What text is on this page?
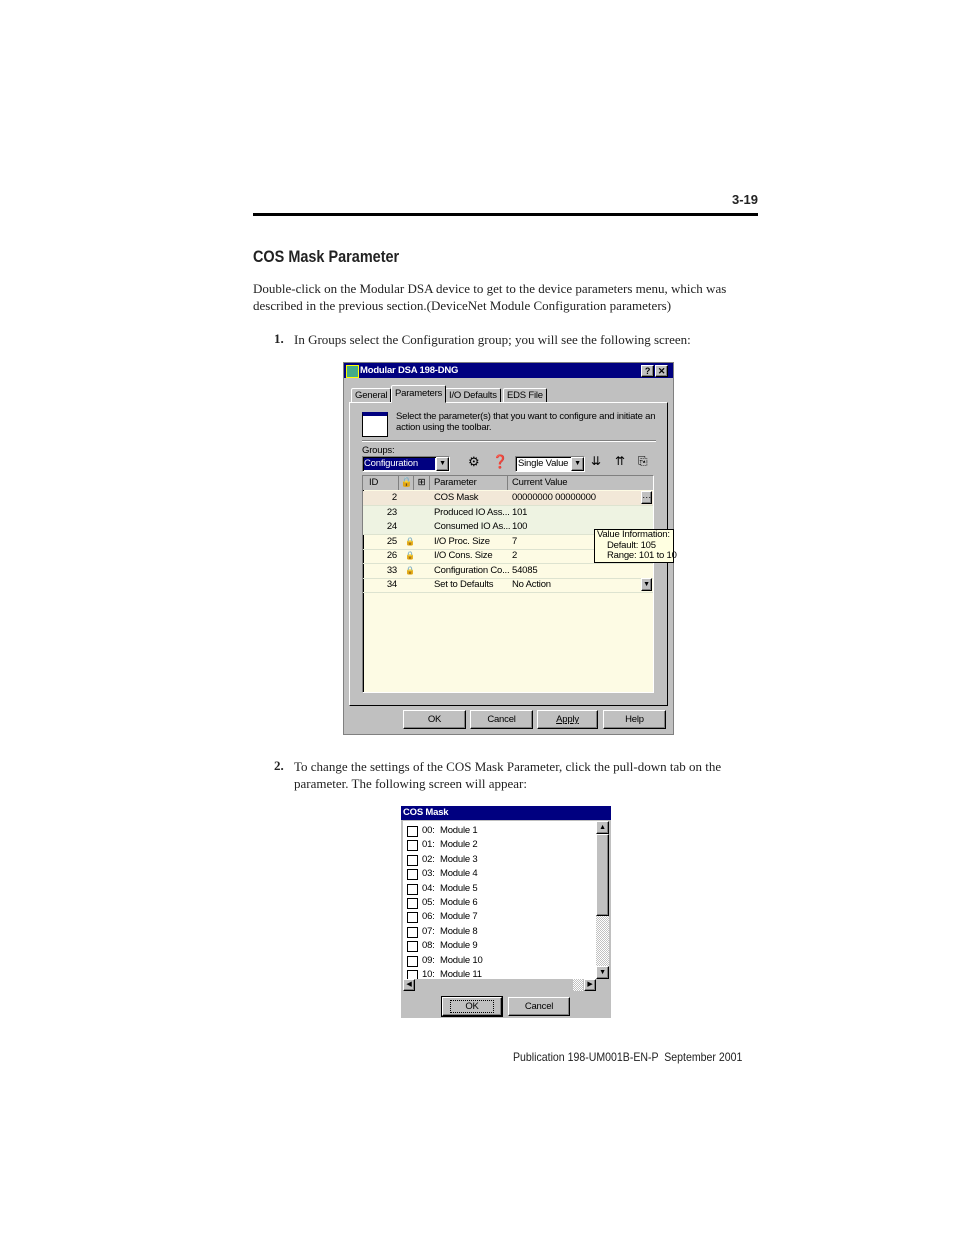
3-19
COS Mask Parameter
Double-click on the Modular DSA device to get to the device parameters menu, which was described in the previous section.(DeviceNet Module Configuration parameters)
1. In Groups select the Configuration group; you will see the following screen:
Modular DSA 198-DNG	? ✕
General Parameters I/O Defaults	EDS File
Select the parameter(s) that you want to configure and initiate an action using the toolbar.
Groups:
Configuration	▼ ⚙ ❓ Single Value ▼ ⇊ ⇈ ⎘
ID	🔒 ⊞ Parameter	Current Value
2	COS Mask	00000000 00000000	…
23	Produced IO Ass... 101
24	Consumed IO As... 100
25 🔒 I/O Proc. Size 7
26 🔒 I/O Cons. Size 2
33 🔒 Configuration Co... 54085
34	Set to Defaults No Action	▼
OK	Cancel	Apply	Help
Value Information:
Default: 105
Range: 101 to 10
2. To change the settings of the COS Mask Parameter, click the pull-down tab on the parameter. The following screen will appear:
COS Mask
00: Module 1
01: Module 2
02: Module 3
03: Module 4
04: Module 5
05: Module 6
06: Module 7
07: Module 8
08: Module 9
09: Module 10
10: Module 11
▲
▼
◀	▶
OK	Cancel
Publication 198-UM001B-EN-P  September 2001
